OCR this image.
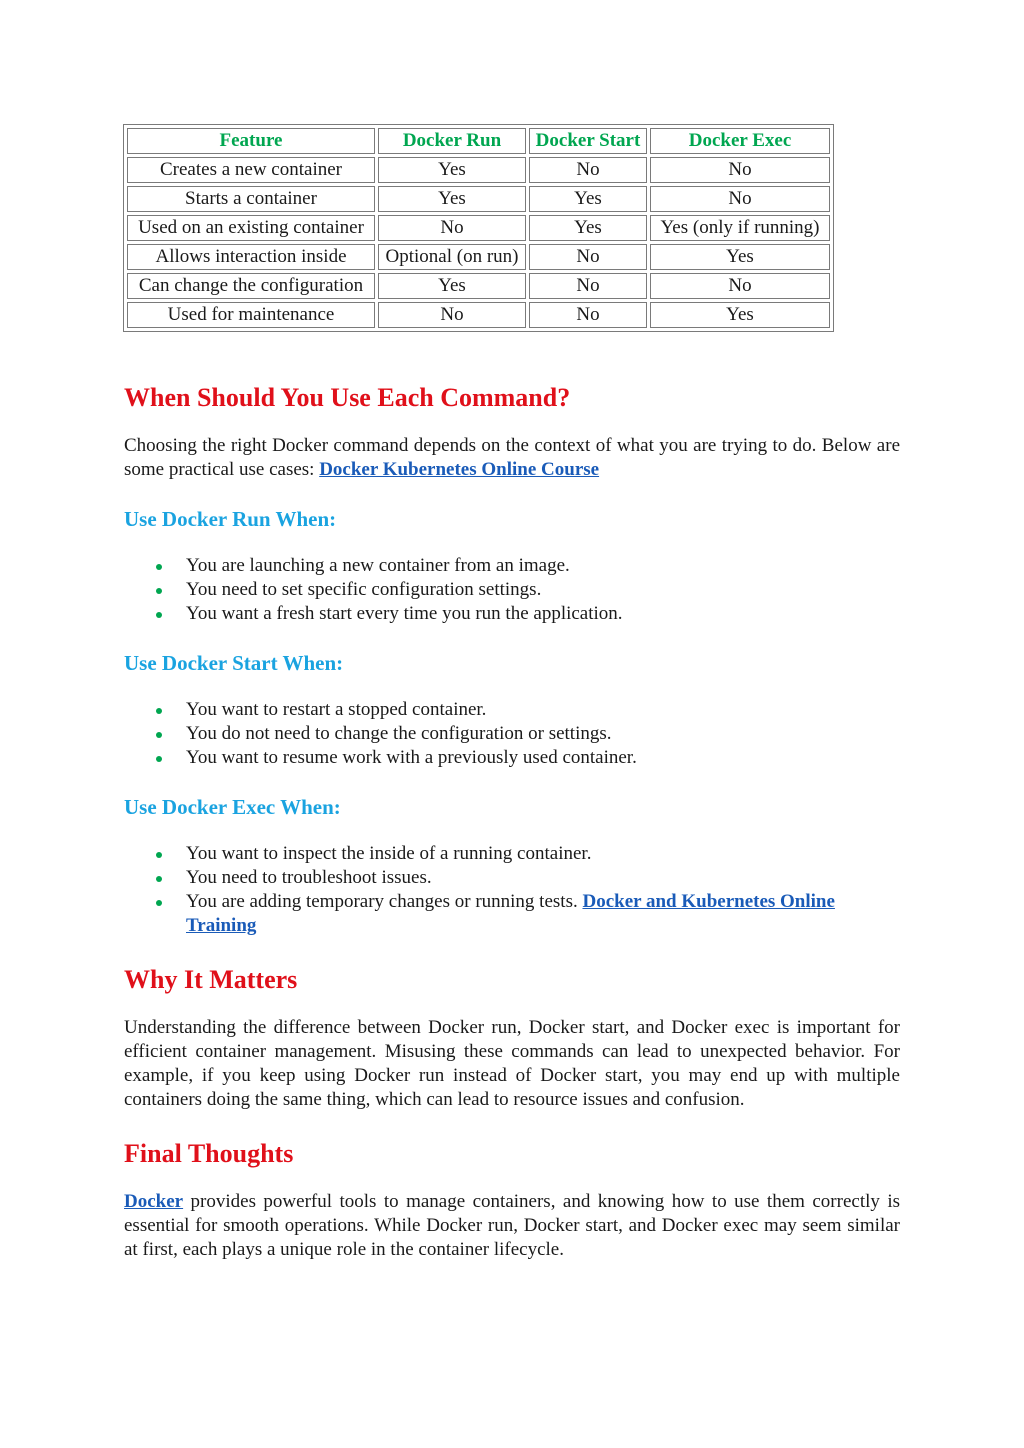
Feature	Docker Run	Docker Start	Docker Exec
Creates a new container	Yes	No	No
Starts a container	Yes	Yes	No
Used on an existing container	No	Yes	Yes (only if running)
Allows interaction inside	Optional (on run)	No	Yes
Can change the configuration	Yes	No	No
Used for maintenance	No	No	Yes
When Should You Use Each Command?

Choosing the right Docker command depends on the context of what you are trying to do. Below are some practical use cases: Docker Kubernetes Online Course

Use Docker Run When:
You are launching a new container from an image.
You need to set specific configuration settings.
You want a fresh start every time you run the application.
Use Docker Start When:
You want to restart a stopped container.
You do not need to change the configuration or settings.
You want to resume work with a previously used container.
Use Docker Exec When:
You want to inspect the inside of a running container.
You need to troubleshoot issues.
You are adding temporary changes or running tests. Docker and Kubernetes Online Training
Why It Matters

Understanding the difference between Docker run, Docker start, and Docker exec is important for efficient container management. Misusing these commands can lead to unexpected behavior. For example, if you keep using Docker run instead of Docker start, you may end up with multiple containers doing the same thing, which can lead to resource issues and confusion.

Final Thoughts

Docker provides powerful tools to manage containers, and knowing how to use them correctly is essential for smooth operations. While Docker run, Docker start, and Docker exec may seem similar at first, each plays a unique role in the container lifecycle.
